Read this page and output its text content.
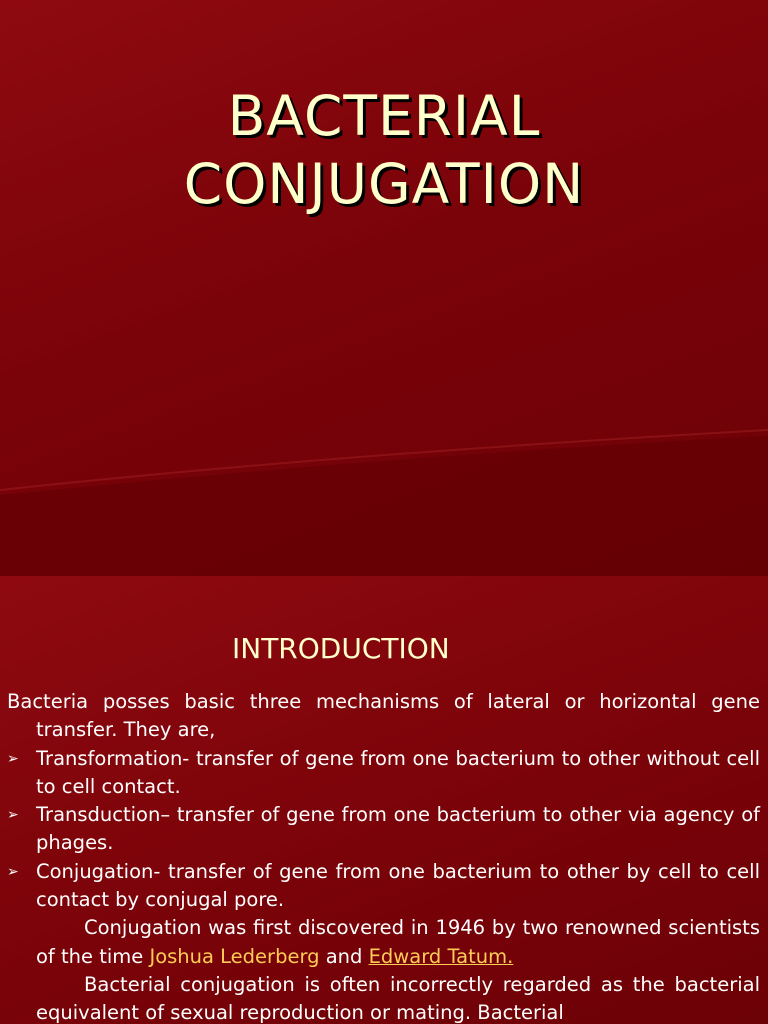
BACTERIAL
CONJUGATION
INTRODUCTION

Bacteria posses basic three mechanisms of lateral or horizontal gene transfer. They are,

➢ Transformation- transfer of gene from one bacterium to other without cell to cell contact.

➢ Transduction– transfer of gene from one bacterium to other via agency of phages.

➢ Conjugation- transfer of gene from one bacterium to other by cell to cell contact by conjugal pore.

Conjugation was first discovered in 1946 by two renowned scientists of the time Joshua Lederberg and Edward Tatum.

Bacterial conjugation is often incorrectly regarded as the bacterial equivalent of sexual reproduction or mating. Bacterial
